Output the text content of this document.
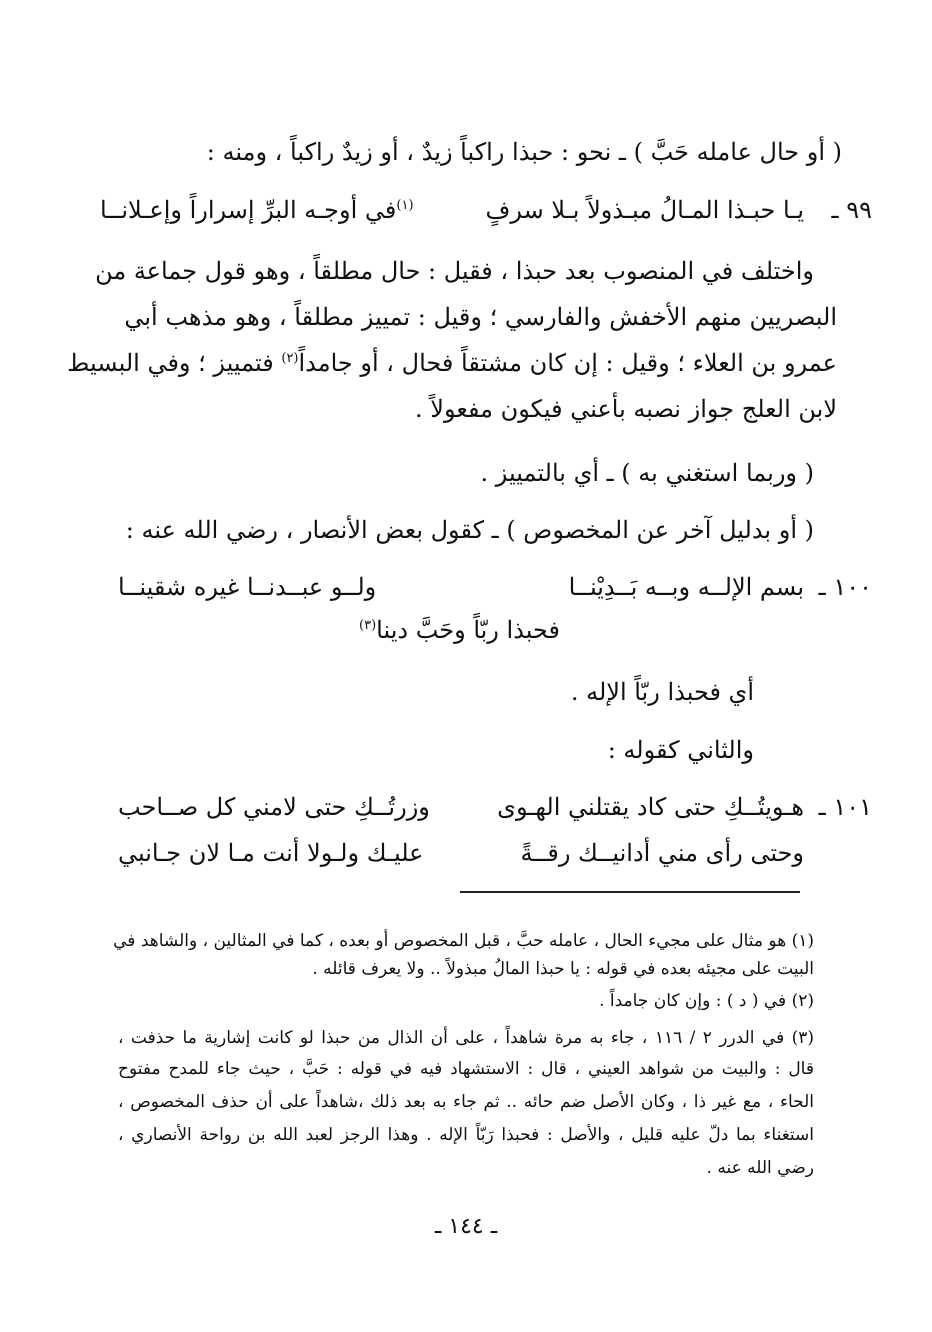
( أو حال عامله حَبَّ ) ـ نحو : حبذا راكباً زيدٌ ، أو زيدٌ راكباً ، ومنه :
٩٩ ـ
يـا حبـذا المـالُ مبـذولاً بـلا سرفٍ
$^{(١)}$في أوجـه البرِّ إسراراً وإعـلانــا
واختلف في المنصوب بعد حبذا ، فقيل : حال مطلقاً ، وهو قول جماعة من
البصريين منهم الأخفش والفارسي ؛ وقيل : تمييز مطلقاً ، وهو مذهب أبي
عمرو بن العلاء ؛ وقيل : إن كان مشتقاً فحال ، أو جامداً$^{(٢)}$ فتمييز ؛ وفي البسيط
لابن العلج جواز نصبه بأعني فيكون مفعولاً .
( وربما استغني به ) ـ أي بالتمييز .
( أو بدليل آخر عن المخصوص ) ـ كقول بعض الأنصار ، رضي الله عنه :
١٠٠ ـ
بسم الإلــه وبــه بَــدِيْنــا
ولــو عبــدنــا غيره شقينــا
فحبذا ربّاً وحَبَّ دينا$^{(٣)}$
أي فحبذا ربّاً الإله .
والثاني كقوله :
١٠١ ـ
هـويتُــكِ حتى كاد يقتلني الهـوى
وزرتُــكِ حتى لامني كل صــاحب
وحتى رأى مني أدانيــك رقــةً
عليـك ولـولا أنت مـا لان جـانبي
(١) هو مثال على مجيء الحال ، عامله حبَّ ، قبل المخصوص أو بعده ، كما في المثالين ، والشاهد في
البيت على مجيئه بعده في قوله : يا حبذا المالُ مبذولاً .. ولا يعرف قائله .
(٢) في ( د ) : وإن كان جامداً .
(٣) في الدرر ٢ / ١١٦ ، جاء به مرة شاهداً ، على أن الذال من حبذا لو كانت إشارية ما حذفت ،
قال : والبيت من شواهد العيني ، قال : الاستشهاد فيه في قوله : حَبَّ ، حيث جاء للمدح مفتوح
الحاء ، مع غير ذا ، وكان الأصل ضم حائه .. ثم جاء به بعد ذلك ،شاهداً على أن حذف المخصوص ،
استغناء بما دلّ عليه قليل ، والأصل : فحبذا رَبّاً الإله . وهذا الرجز لعبد الله بن رواحة الأنصاري ،
رضي الله عنه .
ـ ١٤٤ ـ
